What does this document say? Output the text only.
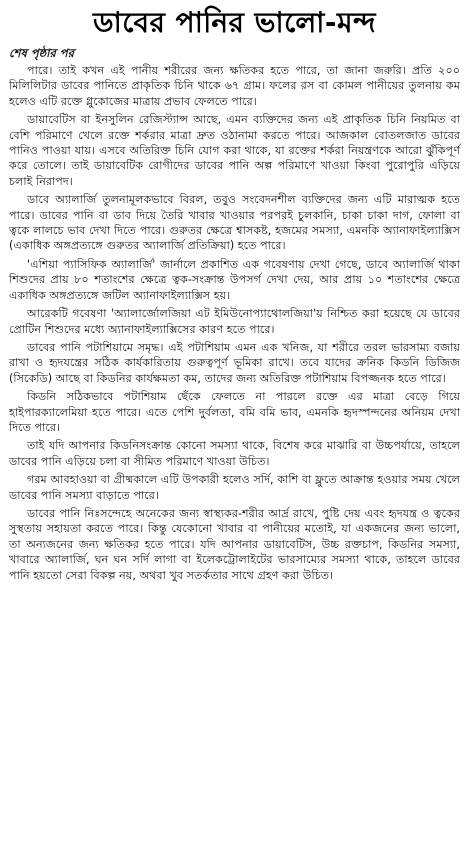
ডাবের পানির ভালো-মন্দ
শেষ পৃষ্ঠার পর

পারে। তাই কখন এই পানীয় শরীরের জন্য ক্ষতিকর হতে পারে, তা জানা জরুরি। প্রতি ২০০ মিলিলিটার ডাবের পানিতে প্রাকৃতিক চিনি থাকে ৬৭ গ্রাম। ফলের রস বা কোমল পানীয়ের তুলনায় কম হলেও এটি রক্তে গ্লুকোজের মাত্রায় প্রভাব ফেলতে পারে।

ডায়াবেটিস বা ইনসুলিন রেজিস্ট্যান্স আছে, এমন ব্যক্তিদের জন্য এই প্রাকৃতিক চিনি নিয়মিত বা বেশি পরিমাণে খেলে রক্তে শর্করার মাত্রা দ্রুত ওঠানামা করতে পারে। আজকাল বোতলজাত ডাবের পানিও পাওয়া যায়। এসবে অতিরিক্ত চিনি যোগ করা থাকে, যা রক্তের শর্করা নিয়ন্ত্রণকে আরো ঝুঁকিপূর্ণ করে তোলে। তাই ডায়াবেটিক রোগীদের ডাবের পানি অল্প পরিমাণে খাওয়া কিংবা পুরোপুরি এড়িয়ে চলাই নিরাপদ।

ডাবে অ্যালার্জি তুলনামূলকভাবে বিরল, তবুও সংবেদনশীল ব্যক্তিদের জন্য এটি মারাত্মক হতে পারে। ডাবের পানি বা ডাব দিয়ে তৈরি খাবার খাওয়ার পরপরই চুলকানি, চাকা চাকা দাগ, ফোলা বা ত্বকে লালচে ভাব দেখা দিতে পারে। গুরুতর ক্ষেত্রে শ্বাসকষ্ট, হজমের সমস্যা, এমনকি অ্যানাফাইল্যাক্সিস (একাধিক অঙ্গপ্রত্যঙ্গে গুরুতর অ্যালার্জি প্রতিক্রিয়া) হতে পারে।

'এশিয়া প্যাসিফিক অ্যালার্জি' জার্নালে প্রকাশিত এক গবেষণায় দেখা গেছে, ডাবে অ্যালার্জি থাকা শিশুদের প্রায় ৮০ শতাংশের ক্ষেত্রে ত্বক-সংক্রান্ত উপসর্গ দেখা দেয়, আর প্রায় ১০ শতাংশের ক্ষেত্রে একাধিক অঙ্গপ্রত্যঙ্গে জটিল অ্যানাফাইল্যাক্সিস হয়।

আরেকটি গবেষণা 'অ্যালার্জোলজিয়া এট ইমিউনোপ্যাথোলজিয়া'য় নিশ্চিত করা হয়েছে যে ডাবের প্রোটিন শিশুদের মধ্যে অ্যানাফাইল্যাক্সিসের কারণ হতে পারে।

ডাবের পানি পটাশিয়ামে সমৃদ্ধ। এই পটাশিয়াম এমন এক খনিজ, যা শরীরে তরল ভারসাম্য বজায় রাখা ও হৃদযন্ত্রের সঠিক কার্যকারিতায় গুরুত্বপূর্ণ ভূমিকা রাখে। তবে যাদের ক্রনিক কিডনি ডিজিজ (সিকেডি) আছে বা কিডনির কার্যক্ষমতা কম, তাদের জন্য অতিরিক্ত পটাশিয়াম বিপজ্জনক হতে পারে।

কিডনি সঠিকভাবে পটাশিয়াম ছেঁকে ফেলতে না পারলে রক্তে এর মাত্রা বেড়ে গিয়ে হাইপারক্যালেমিয়া হতে পারে। এতে পেশি দুর্বলতা, বমি বমি ভাব, এমনকি হৃদস্পন্দনের অনিয়ম দেখা দিতে পারে।

তাই যদি আপনার কিডনিসংক্রান্ত কোনো সমস্যা থাকে, বিশেষ করে মাঝারি বা উচ্চপর্যায়ে, তাহলে ডাবের পানি এড়িয়ে চলা বা সীমিত পরিমাণে খাওয়া উচিত।

গরম আবহাওয়া বা গ্রীষ্মকালে এটি উপকারী হলেও সর্দি, কাশি বা ফ্লুতে আক্রান্ত হওয়ার সময় খেলে ডাবের পানি সমস্যা বাড়াতে পারে।

ডাবের পানি নিঃসন্দেহে অনেকের জন্য স্বাস্থ্যকর-শরীর আর্দ্র রাখে, পুষ্টি দেয় এবং হৃদযন্ত্র ও ত্বকের সুস্থতায় সহায়তা করতে পারে। কিন্তু যেকোনো খাবার বা পানীয়ের মতোই, যা একজনের জন্য ভালো, তা অন্যজনের জন্য ক্ষতিকর হতে পারে। যদি আপনার ডায়াবেটিস, উচ্চ রক্তচাপ, কিডনির সমস্যা, খাবারে অ্যালার্জি, ঘন ঘন সর্দি লাগা বা ইলেকট্রোলাইটের ভারসাম্যের সমস্যা থাকে, তাহলে ডাবের পানি হয়তো সেরা বিকল্প নয়, অথবা খুব সতর্কতার সাথে গ্রহণ করা উচিত।
